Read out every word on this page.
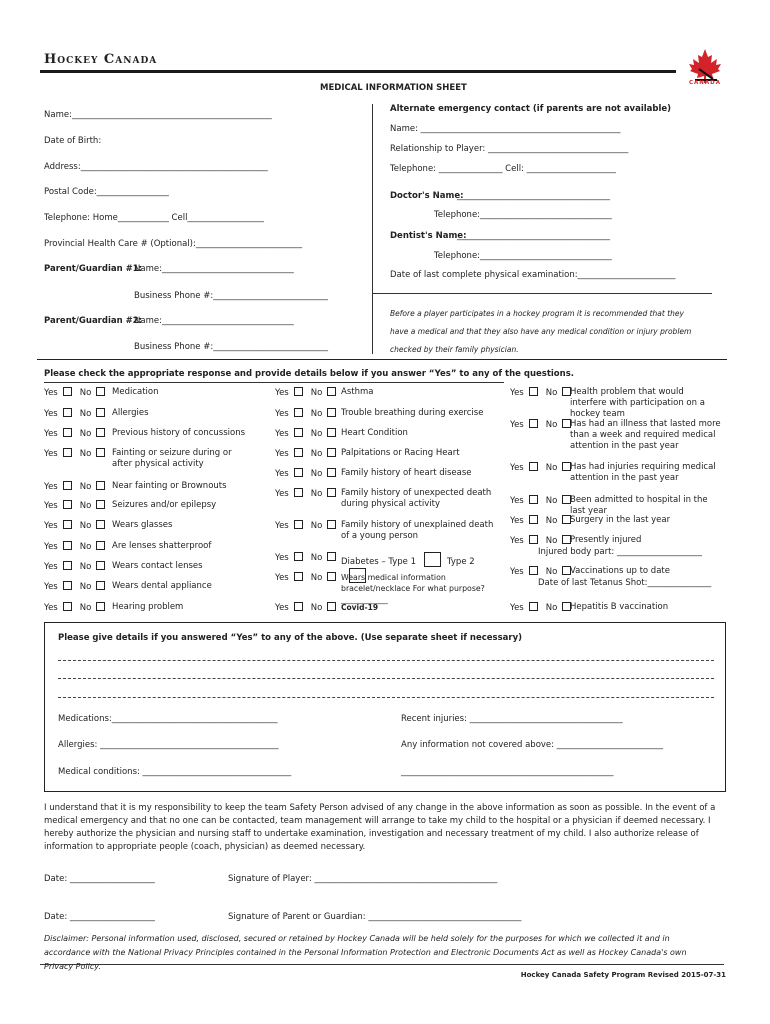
Hockey Canada
CANADA
MEDICAL INFORMATION SHEET
Name:_______________________________________________
Date of Birth:
Address:____________________________________________
Postal Code:_________________
Telephone: Home____________ Cell__________________
Provincial Health Care # (Optional):_________________________
Parent/Guardian #1:
Name:_______________________________
Business Phone #:___________________________
Parent/Guardian #2:
Name:_______________________________
Business Phone #:___________________________
Alternate emergency contact (if parents are not available)
Name: _______________________________________________
Relationship to Player: _________________________________
Telephone: _______________ Cell: _____________________
Doctor's Name:
____________________________________
Telephone:_______________________________
Dentist's Name:
____________________________________
Telephone:_______________________________
Date of last complete physical examination:_______________________
Before a player participates in a hockey program it is recommended that they have a medical and that they also have any medical condition or injury problem checked by their family physician.
Please check the appropriate response and provide details below if you answer “Yes” to any of the questions.
Yes	No	Medication
Yes	No	Allergies
Yes	No	Previous history of concussions
Yes	No	Fainting or seizure during or after physical activity
Yes	No	Near fainting or Brownouts
Yes	No	Seizures and/or epilepsy
Yes	No	Wears glasses
Yes	No	Are lenses shatterproof
Yes	No	Wears contact lenses
Yes	No	Wears dental appliance
Yes	No	Hearing problem
Yes	No	Asthma
Yes	No	Trouble breathing during exercise
Yes	No	Heart Condition
Yes	No	Palpitations or Racing Heart
Yes	No	Family history of heart disease
Yes	No	Family history of unexpected death during physical activity
Yes	No	Family history of unexplained death of a young person
Yes	No	Diabetes – Type 1	Type 2
Yes	No	Wears medical information bracelet/necklace For what purpose? ____________
Yes	No	Covid-19
Yes	No	Health problem that would interfere with participation on a hockey team
Yes	No	Has had an illness that lasted more than a week and required medical attention in the past year
Yes	No	Has had injuries requiring medical attention in the past year
Yes	No	Been admitted to hospital in the last year
Yes	No	Surgery in the last year
Yes	No	Presently injured
Injured body part: ____________________
Yes	No	Vaccinations up to date
Date of last Tetanus Shot:_______________
Yes	No	Hepatitis B vaccination
Please give details if you answered “Yes” to any of the above. (Use separate sheet if necessary)
Medications:_______________________________________	Recent injuries: ____________________________________
Allergies: __________________________________________	Any information not covered above: _________________________
Medical conditions: ___________________________________	__________________________________________________
I understand that it is my responsibility to keep the team Safety Person advised of any change in the above information as soon as possible. In the event of a medical emergency and that no one can be contacted, team management will arrange to take my child to the hospital or a physician if deemed necessary. I hereby authorize the physician and nursing staff to undertake examination, investigation and necessary treatment of my child. I also authorize release of information to appropriate people (coach, physician) as deemed necessary.
Date: ____________________	Signature of Player: ___________________________________________
Date: ____________________	Signature of Parent or Guardian: ____________________________________
Disclaimer: Personal information used, disclosed, secured or retained by Hockey Canada will be held solely for the purposes for which we collected it and in accordance with the National Privacy Principles contained in the Personal Information Protection and Electronic Documents Act as well as Hockey Canada's own Privacy Policy.
Hockey Canada Safety Program Revised 2015-07-31
